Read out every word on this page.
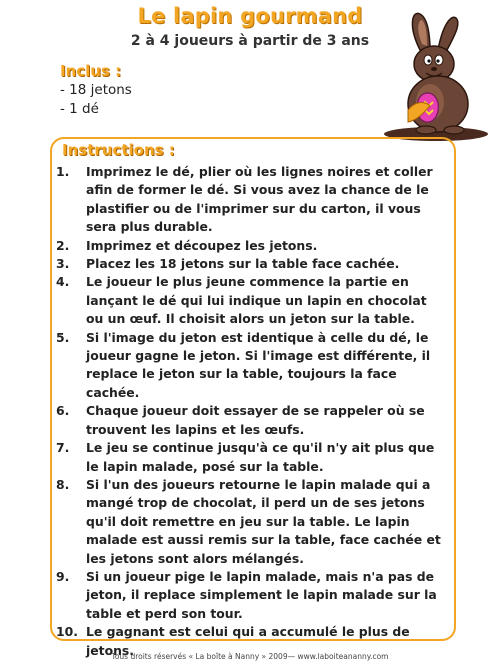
Le lapin gourmand
2 à 4 joueurs à partir de 3 ans
Inclus :
- 18 jetons
- 1 dé
Instructions :
1.	Imprimez le dé, plier où les lignes noires et coller afin de former le dé. Si vous avez la chance de le plastifier ou de l'imprimer sur du carton, il vous sera plus durable.
2.	Imprimez et découpez les jetons.
3.	Placez les 18 jetons sur la table face cachée.
4.	Le joueur le plus jeune commence la partie en lançant le dé qui lui indique un lapin en chocolat ou un œuf. Il choisit alors un jeton sur la table.
5.	Si l'image du jeton est identique à celle du dé, le joueur gagne le jeton. Si l'image est différente, il replace le jeton sur la table, toujours la face cachée.
6.	Chaque joueur doit essayer de se rappeler où se trouvent les lapins et les œufs.
7.	Le jeu se continue jusqu'à ce qu'il n'y ait plus que le lapin malade, posé sur la table.
8.	Si l'un des joueurs retourne le lapin malade qui a mangé trop de chocolat, il perd un de ses jetons qu'il doit remettre en jeu sur la table. Le lapin malade est aussi remis sur la table, face cachée et les jetons sont alors mélangés.
9.	Si un joueur pige le lapin malade, mais n'a pas de jeton, il replace simplement le lapin malade sur la table et perd son tour.
10. Le gagnant est celui qui a accumulé le plus de jetons.
Tous droits réservés « La boîte à Nanny » 2009— www.laboiteananny.com
